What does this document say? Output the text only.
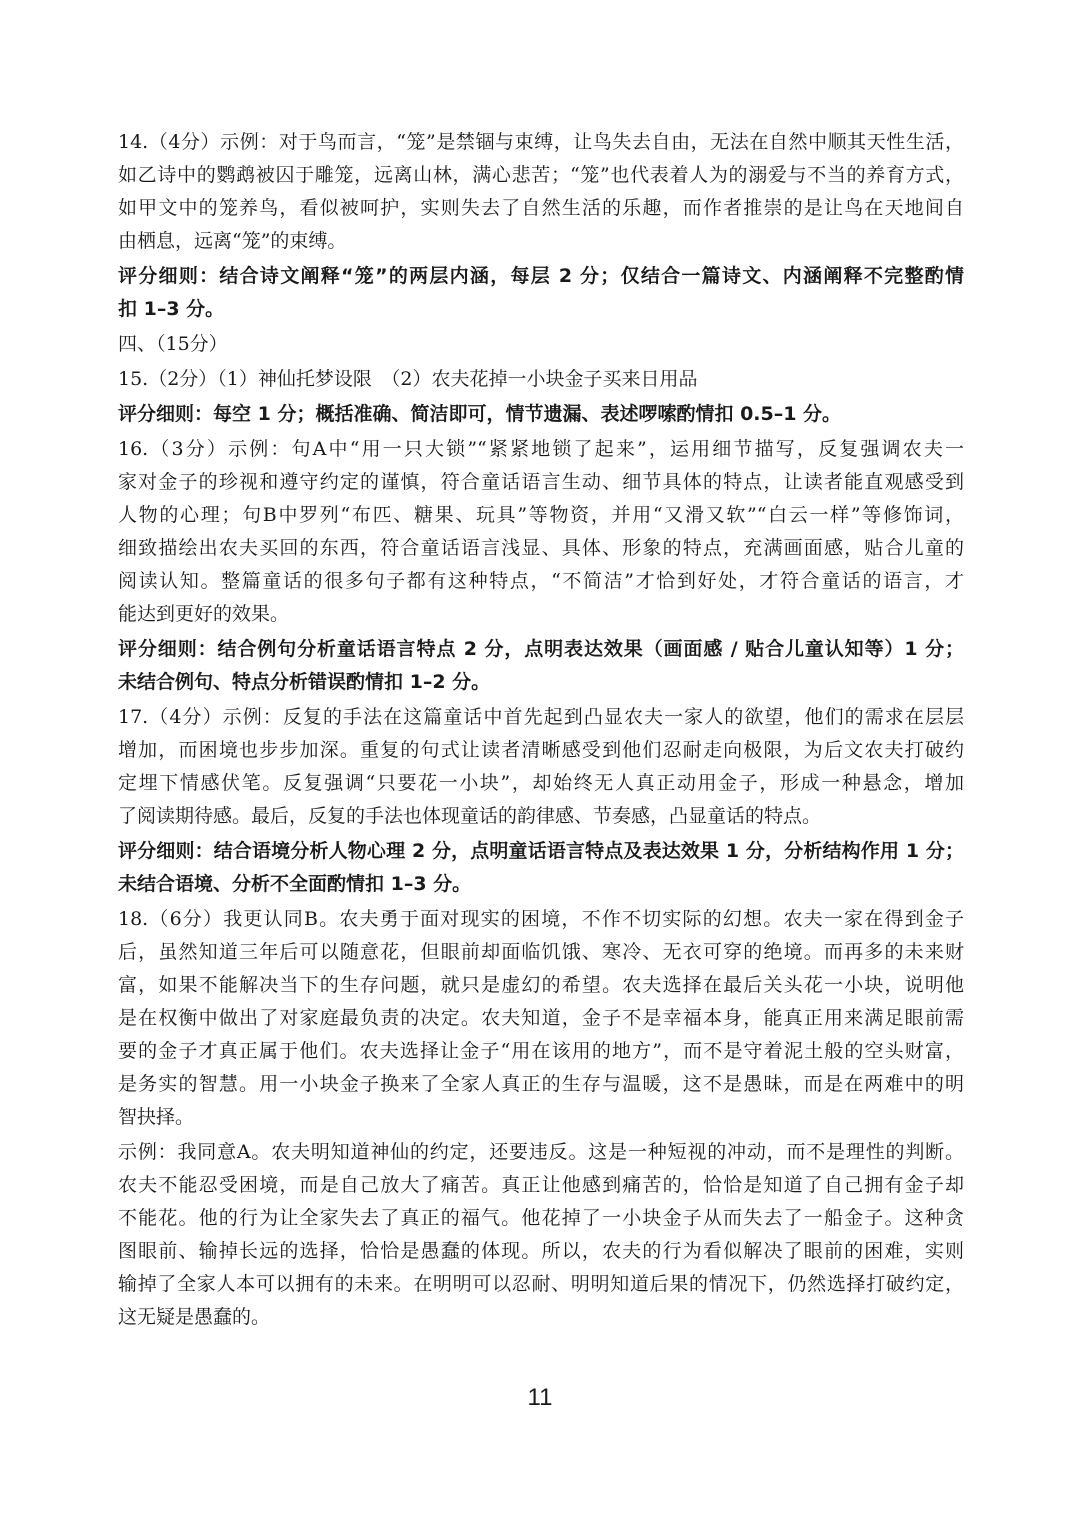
14.（4分）示例：对于鸟而言，“笼”是禁锢与束缚，让鸟失去自由，无法在自然中顺其天性生活，
如乙诗中的鹦鹉被囚于雕笼，远离山林，满心悲苦；“笼”也代表着人为的溺爱与不当的养育方式，
如甲文中的笼养鸟，看似被呵护，实则失去了自然生活的乐趣，而作者推崇的是让鸟在天地间自
由栖息，远离“笼”的束缚。
评分细则：结合诗文阐释“笼”的两层内涵，每层 2 分；仅结合一篇诗文、内涵阐释不完整酌情
扣 1–3 分。
四、（15分）
15.（2分）（1）神仙托梦设限　（2）农夫花掉一小块金子买来日用品
评分细则：每空 1 分；概括准确、简洁即可，情节遗漏、表述啰嗦酌情扣 0.5–1 分。
16.（3分）示例：句A中“用一只大锁”“紧紧地锁了起来”，运用细节描写，反复强调农夫一
家对金子的珍视和遵守约定的谨慎，符合童话语言生动、细节具体的特点，让读者能直观感受到
人物的心理；句B中罗列“布匹、糖果、玩具”等物资，并用“又滑又软”“白云一样”等修饰词，
细致描绘出农夫买回的东西，符合童话语言浅显、具体、形象的特点，充满画面感，贴合儿童的
阅读认知。整篇童话的很多句子都有这种特点，“不简洁”才恰到好处，才符合童话的语言，才
能达到更好的效果。
评分细则：结合例句分析童话语言特点 2 分，点明表达效果（画面感 / 贴合儿童认知等）1 分；
未结合例句、特点分析错误酌情扣 1–2 分。
17.（4分）示例：反复的手法在这篇童话中首先起到凸显农夫一家人的欲望，他们的需求在层层
增加，而困境也步步加深。重复的句式让读者清晰感受到他们忍耐走向极限，为后文农夫打破约
定埋下情感伏笔。反复强调“只要花一小块”，却始终无人真正动用金子，形成一种悬念，增加
了阅读期待感。最后，反复的手法也体现童话的韵律感、节奏感，凸显童话的特点。
评分细则：结合语境分析人物心理 2 分，点明童话语言特点及表达效果 1 分，分析结构作用 1 分；
未结合语境、分析不全面酌情扣 1–3 分。
18.（6分）我更认同B。农夫勇于面对现实的困境，不作不切实际的幻想。农夫一家在得到金子
后，虽然知道三年后可以随意花，但眼前却面临饥饿、寒冷、无衣可穿的绝境。而再多的未来财
富，如果不能解决当下的生存问题，就只是虚幻的希望。农夫选择在最后关头花一小块，说明他
是在权衡中做出了对家庭最负责的决定。农夫知道，金子不是幸福本身，能真正用来满足眼前需
要的金子才真正属于他们。农夫选择让金子“用在该用的地方”，而不是守着泥土般的空头财富，
是务实的智慧。用一小块金子换来了全家人真正的生存与温暖，这不是愚昧，而是在两难中的明
智抉择。
示例：我同意A。农夫明知道神仙的约定，还要违反。这是一种短视的冲动，而不是理性的判断。
农夫不能忍受困境，而是自己放大了痛苦。真正让他感到痛苦的，恰恰是知道了自己拥有金子却
不能花。他的行为让全家失去了真正的福气。他花掉了一小块金子从而失去了一船金子。这种贪
图眼前、输掉长远的选择，恰恰是愚蠢的体现。所以，农夫的行为看似解决了眼前的困难，实则
输掉了全家人本可以拥有的未来。在明明可以忍耐、明明知道后果的情况下，仍然选择打破约定，
这无疑是愚蠢的。
11
